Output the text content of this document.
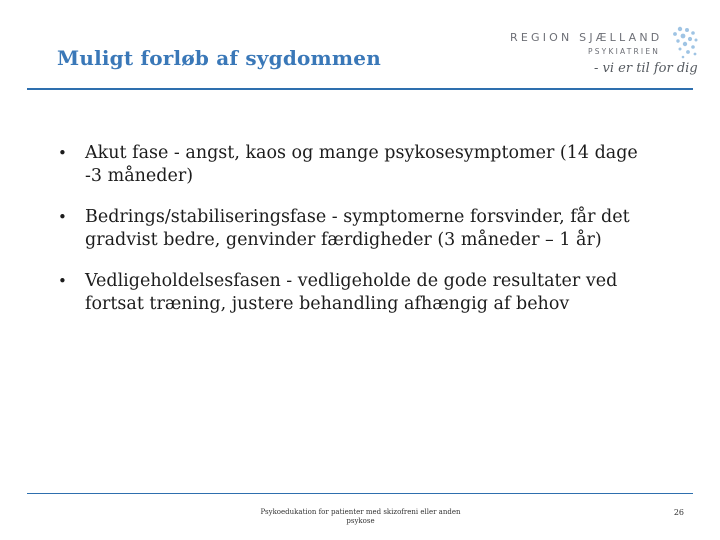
Muligt forløb af sygdommen
REGION SJÆLLAND
PSYKIATRIEN
- vi er til for dig
• Akut fase - angst, kaos og mange psykosesymptomer (14 dage -3 måneder)
• Bedrings/stabiliseringsfase - symptomerne forsvinder, får det gradvist bedre, genvinder færdigheder (3 måneder – 1 år)
• Vedligeholdelsesfasen - vedligeholde de gode resultater ved fortsat træning, justere behandling afhængig af behov
Psykoedukation for patienter med skizofreni eller anden psykose
26
